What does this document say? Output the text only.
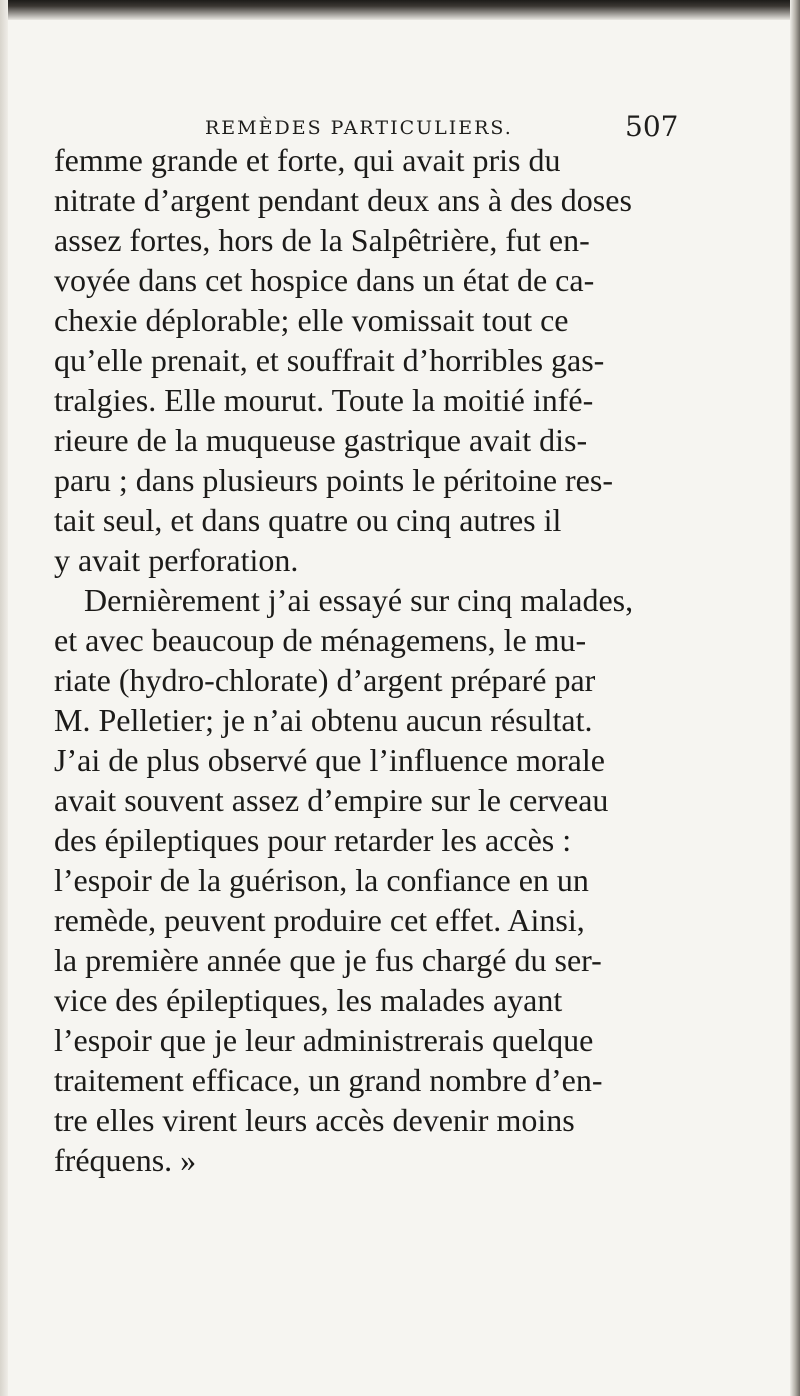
REMÈDES PARTICULIERS.	507
femme grande et forte, qui avait pris du
nitrate d’argent pendant deux ans à des doses
assez fortes, hors de la Salpêtrière, fut en-
voyée dans cet hospice dans un état de ca-
chexie déplorable; elle vomissait tout ce
qu’elle prenait, et souffrait d’horribles gas-
tralgies. Elle mourut. Toute la moitié infé-
rieure de la muqueuse gastrique avait dis-
paru ; dans plusieurs points le péritoine res-
tait seul, et dans quatre ou cinq autres il
y avait perforation.
Dernièrement j’ai essayé sur cinq malades,
et avec beaucoup de ménagemens, le mu-
riate (hydro-chlorate) d’argent préparé par
M. Pelletier; je n’ai obtenu aucun résultat.
J’ai de plus observé que l’influence morale
avait souvent assez d’empire sur le cerveau
des épileptiques pour retarder les accès :
l’espoir de la guérison, la confiance en un
remède, peuvent produire cet effet. Ainsi,
la première année que je fus chargé du ser-
vice des épileptiques, les malades ayant
l’espoir que je leur administrerais quelque
traitement efficace, un grand nombre d’en-
tre elles virent leurs accès devenir moins
fréquens. »
